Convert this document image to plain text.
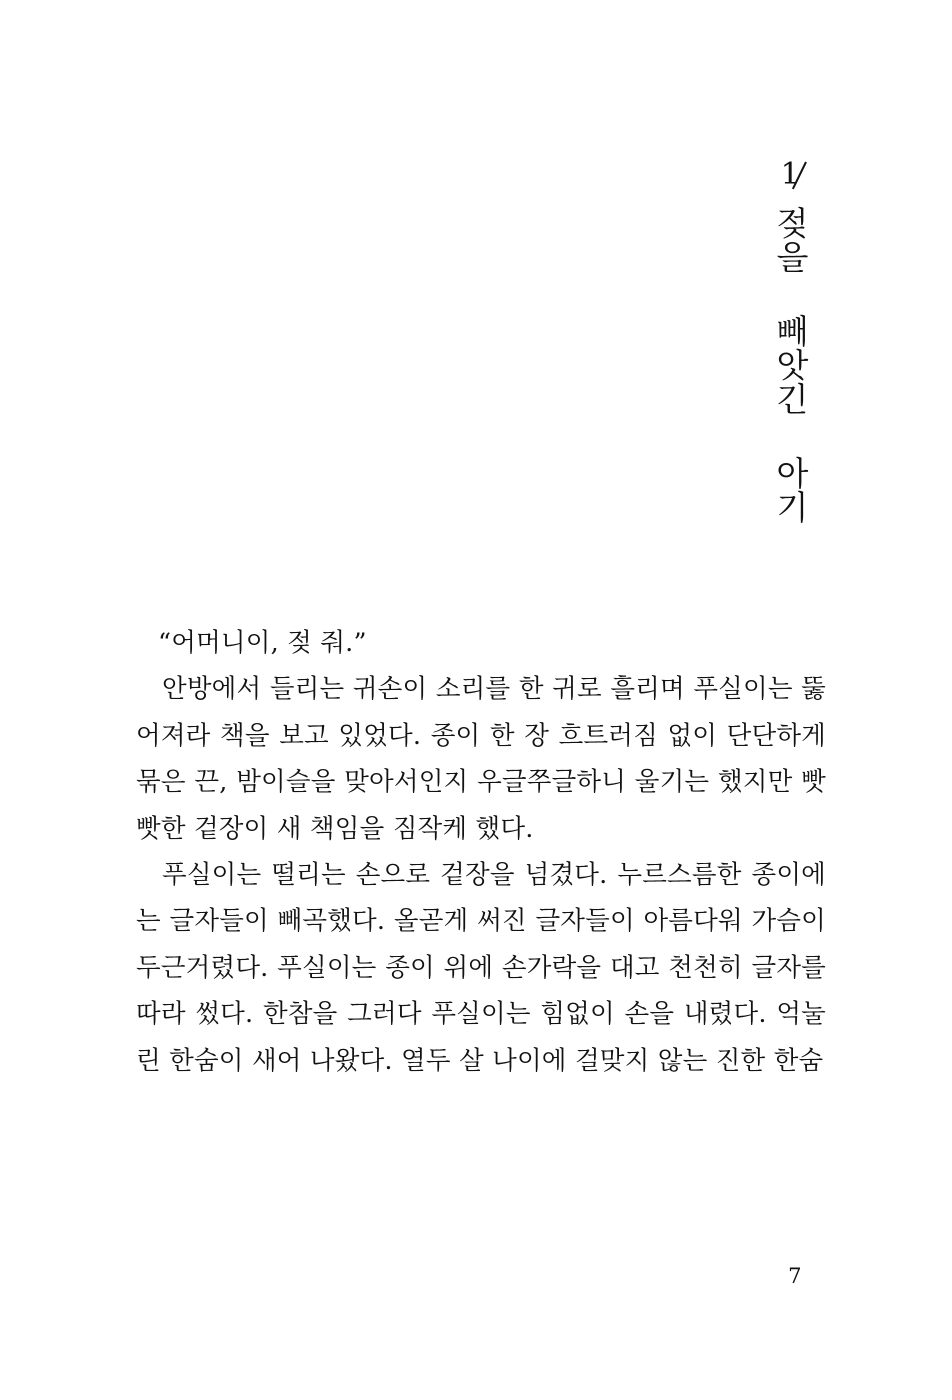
1
젖을 빼앗긴 아기

“어머니이, 젖 줘.”

안방에서 들리는 귀손이 소리를 한 귀로 흘리며 푸실이는 뚫어져라 책을 보고 있었다. 종이 한 장 흐트러짐 없이 단단하게 묶은 끈, 밤이슬을 맞아서인지 우글쭈글하니 울기는 했지만 빳빳한 겉장이 새 책임을 짐작케 했다.

푸실이는 떨리는 손으로 겉장을 넘겼다. 누르스름한 종이에는 글자들이 빼곡했다. 올곧게 써진 글자들이 아름다워 가슴이 두근거렸다. 푸실이는 종이 위에 손가락을 대고 천천히 글자를 따라 썼다. 한참을 그러다 푸실이는 힘없이 손을 내렸다. 억눌린 한숨이 새어 나왔다. 열두 살 나이에 걸맞지 않는 진한 한숨

7
